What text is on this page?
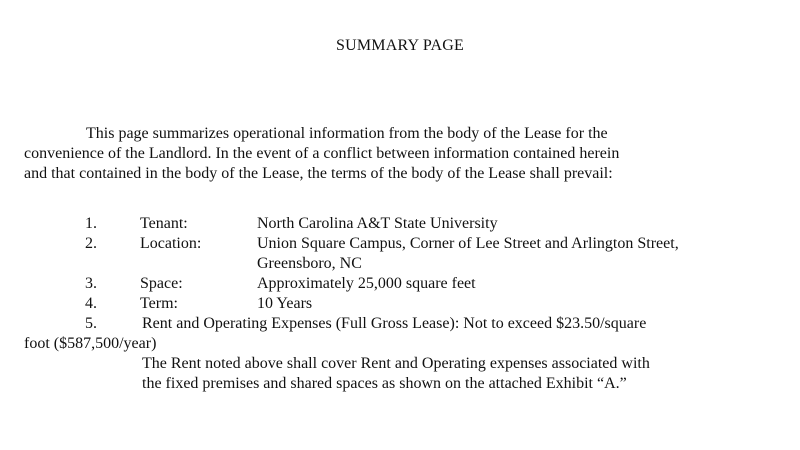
SUMMARY PAGE
This page summarizes operational information from the body of the Lease for the
convenience of the Landlord. In the event of a conflict between information contained herein
and that contained in the body of the Lease, the terms of the body of the Lease shall prevail:
1.	Tenant:	North Carolina A&T State University
2.	Location:	Union Square Campus, Corner of Lee Street and Arlington Street,
Greensboro, NC
3.	Space:	Approximately 25,000 square feet
4.	Term:	10 Years
5.	Rent and Operating Expenses (Full Gross Lease): Not to exceed $23.50/square
foot ($587,500/year)
The Rent noted above shall cover Rent and Operating expenses associated with
the fixed premises and shared spaces as shown on the attached Exhibit “A.”
